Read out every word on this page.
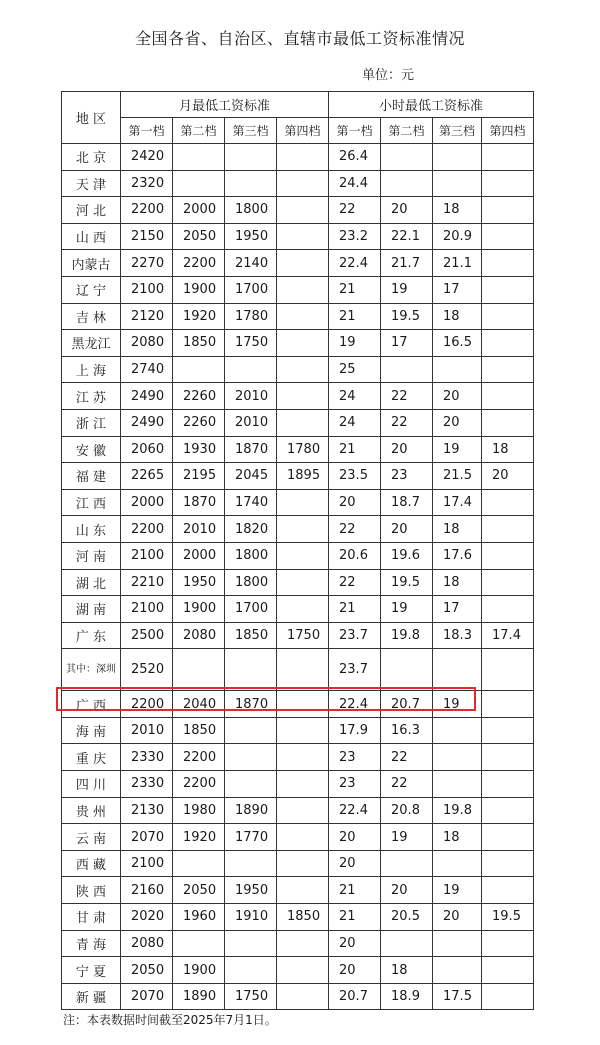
全国各省、自治区、直辖市最低工资标准情况
单位：元
地 区	月最低工资标准				小时最低工资标准			
	第一档	第二档	第三档	第四档	第一档	第二档	第三档	第四档
北 京	2420				26.4			
天 津	2320				24.4			
河 北	2200	2000	1800		22	20	18	
山 西	2150	2050	1950		23.2	22.1	20.9	
内蒙古	2270	2200	2140		22.4	21.7	21.1	
辽 宁	2100	1900	1700		21	19	17	
吉 林	2120	1920	1780		21	19.5	18	
黑龙江	2080	1850	1750		19	17	16.5	
上 海	2740				25			
江 苏	2490	2260	2010		24	22	20	
浙 江	2490	2260	2010		24	22	20	
安 徽	2060	1930	1870	1780	21	20	19	18
福 建	2265	2195	2045	1895	23.5	23	21.5	20
江 西	2000	1870	1740		20	18.7	17.4	
山 东	2200	2010	1820		22	20	18	
河 南	2100	2000	1800		20.6	19.6	17.6	
湖 北	2210	1950	1800		22	19.5	18	
湖 南	2100	1900	1700		21	19	17	
广 东	2500	2080	1850	1750	23.7	19.8	18.3	17.4

其中：深圳	2520				23.7			
广 西	2200	2040	1870		22.4	20.7	19	
海 南	2010	1850			17.9	16.3		
重 庆	2330	2200			23	22		
四 川	2330	2200			23	22		
贵 州	2130	1980	1890		22.4	20.8	19.8	
云 南	2070	1920	1770		20	19	18	
西 藏	2100				20			
陕 西	2160	2050	1950		21	20	19	
甘 肃	2020	1960	1910	1850	21	20.5	20	19.5
青 海	2080				20			
宁 夏	2050	1900			20	18		
新 疆	2070	1890	1750		20.7	18.9	17.5	
注：本表数据时间截至2025年7月1日。
